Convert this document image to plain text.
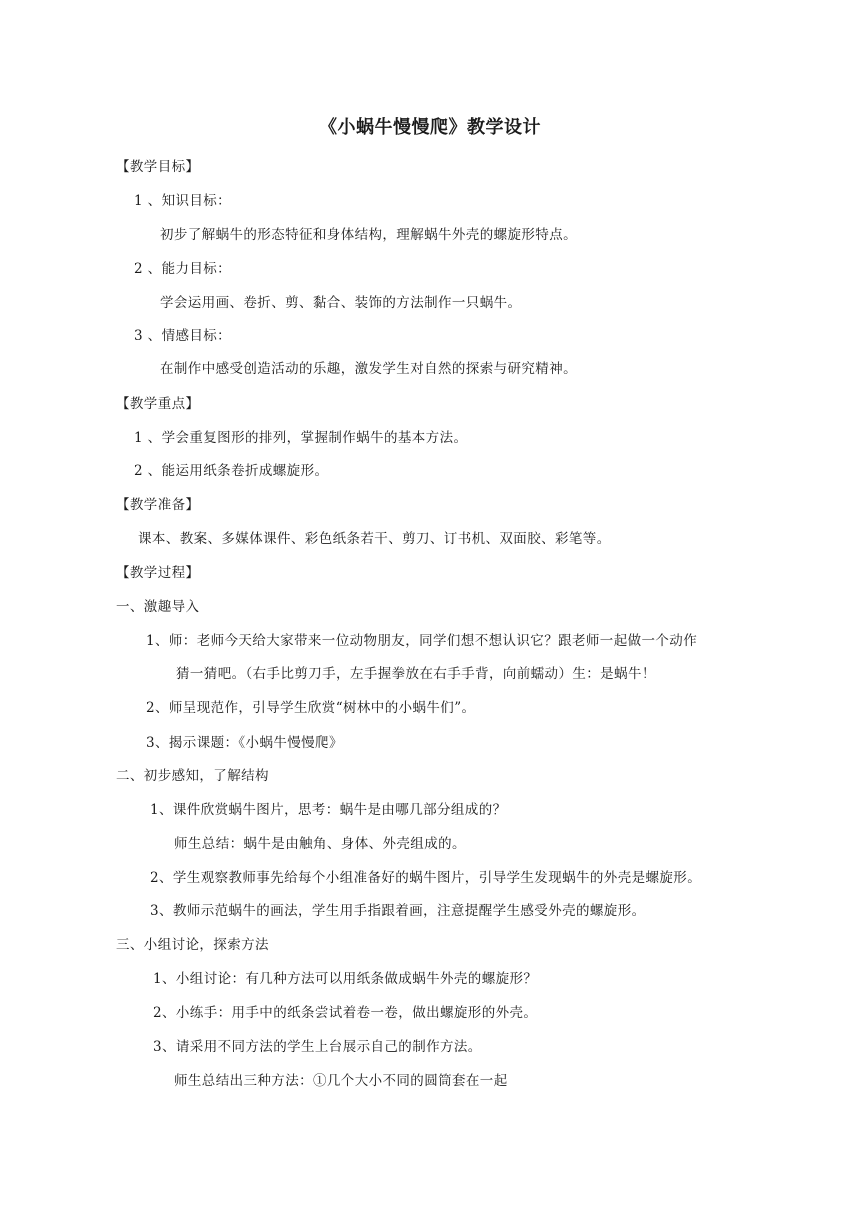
《小蜗牛慢慢爬》教学设计
【教学目标】
1 、知识目标：
初步了解蜗牛的形态特征和身体结构，理解蜗牛外壳的螺旋形特点。
2 、能力目标：
学会运用画、卷折、剪、黏合、装饰的方法制作一只蜗牛。
3 、情感目标：
在制作中感受创造活动的乐趣，激发学生对自然的探索与研究精神。
【教学重点】
1 、学会重复图形的排列，掌握制作蜗牛的基本方法。
2 、能运用纸条卷折成螺旋形。
【教学准备】
课本、教案、多媒体课件、彩色纸条若干、剪刀、订书机、双面胶、彩笔等。
【教学过程】
一、激趣导入
1、师：老师今天给大家带来一位动物朋友，同学们想不想认识它？跟老师一起做一个动作
猜一猜吧。（右手比剪刀手，左手握拳放在右手手背，向前蠕动）生：是蜗牛！
2、师呈现范作，引导学生欣赏“树林中的小蜗牛们”。
3、揭示课题：《小蜗牛慢慢爬》
二、初步感知，了解结构
1、课件欣赏蜗牛图片，思考：蜗牛是由哪几部分组成的？
师生总结：蜗牛是由触角、身体、外壳组成的。
2、学生观察教师事先给每个小组准备好的蜗牛图片，引导学生发现蜗牛的外壳是螺旋形。
3、教师示范蜗牛的画法，学生用手指跟着画，注意提醒学生感受外壳的螺旋形。
三、小组讨论，探索方法
1、小组讨论：有几种方法可以用纸条做成蜗牛外壳的螺旋形？
2、小练手：用手中的纸条尝试着卷一卷，做出螺旋形的外壳。
3、请采用不同方法的学生上台展示自己的制作方法。
师生总结出三种方法：①几个大小不同的圆筒套在一起
